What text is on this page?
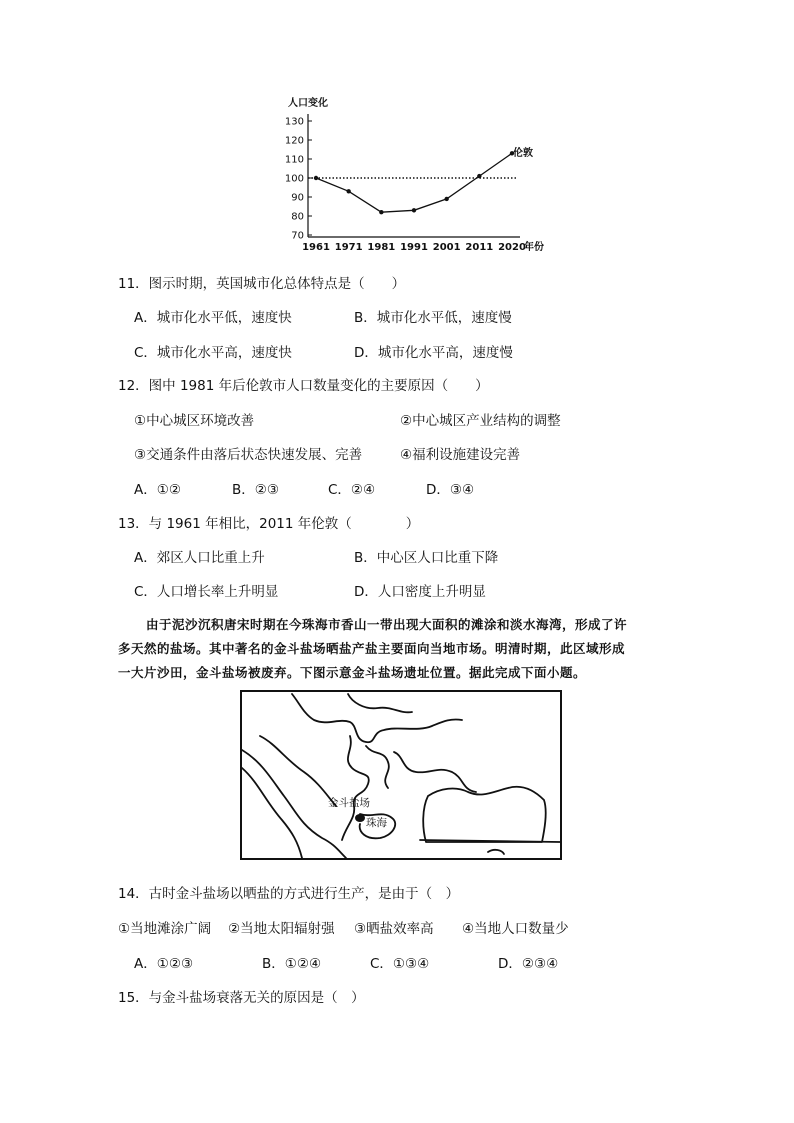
人口变化
130
120
110
100
90
80
70
1961 1971 1981 1991 2001 2011 2020
伦敦
年份
11．图示时期，英国城市化总体特点是（　　）
A．城市化水平低，速度快	B．城市化水平低，速度慢
C．城市化水平高，速度快	D．城市化水平高，速度慢
12．图中 1981 年后伦敦市人口数量变化的主要原因（　　）
①中心城区环境改善	②中心城区产业结构的调整
③交通条件由落后状态快速发展、完善	④福利设施建设完善
A．①②	B．②③	C．②④	D．③④
13．与 1961 年相比，2011 年伦敦（　　　　）
A．郊区人口比重上升	B．中心区人口比重下降
C．人口增长率上升明显	D．人口密度上升明显
由于泥沙沉积唐宋时期在今珠海市香山一带出现大面积的滩涂和淡水海湾，形成了许
多天然的盐场。其中著名的金斗盐场晒盐产盐主要面向当地市场。明清时期，此区域形成
一大片沙田，金斗盐场被废弃。下图示意金斗盐场遗址位置。据此完成下面小题。
金斗盐场
珠海
14．古时金斗盐场以晒盐的方式进行生产，是由于（　）
①当地滩涂广阔 ②当地太阳辐射强 ③晒盐效率高 ④当地人口数量少
A．①②③	B．①②④	C．①③④	D．②③④
15．与金斗盐场衰落无关的原因是（　）
